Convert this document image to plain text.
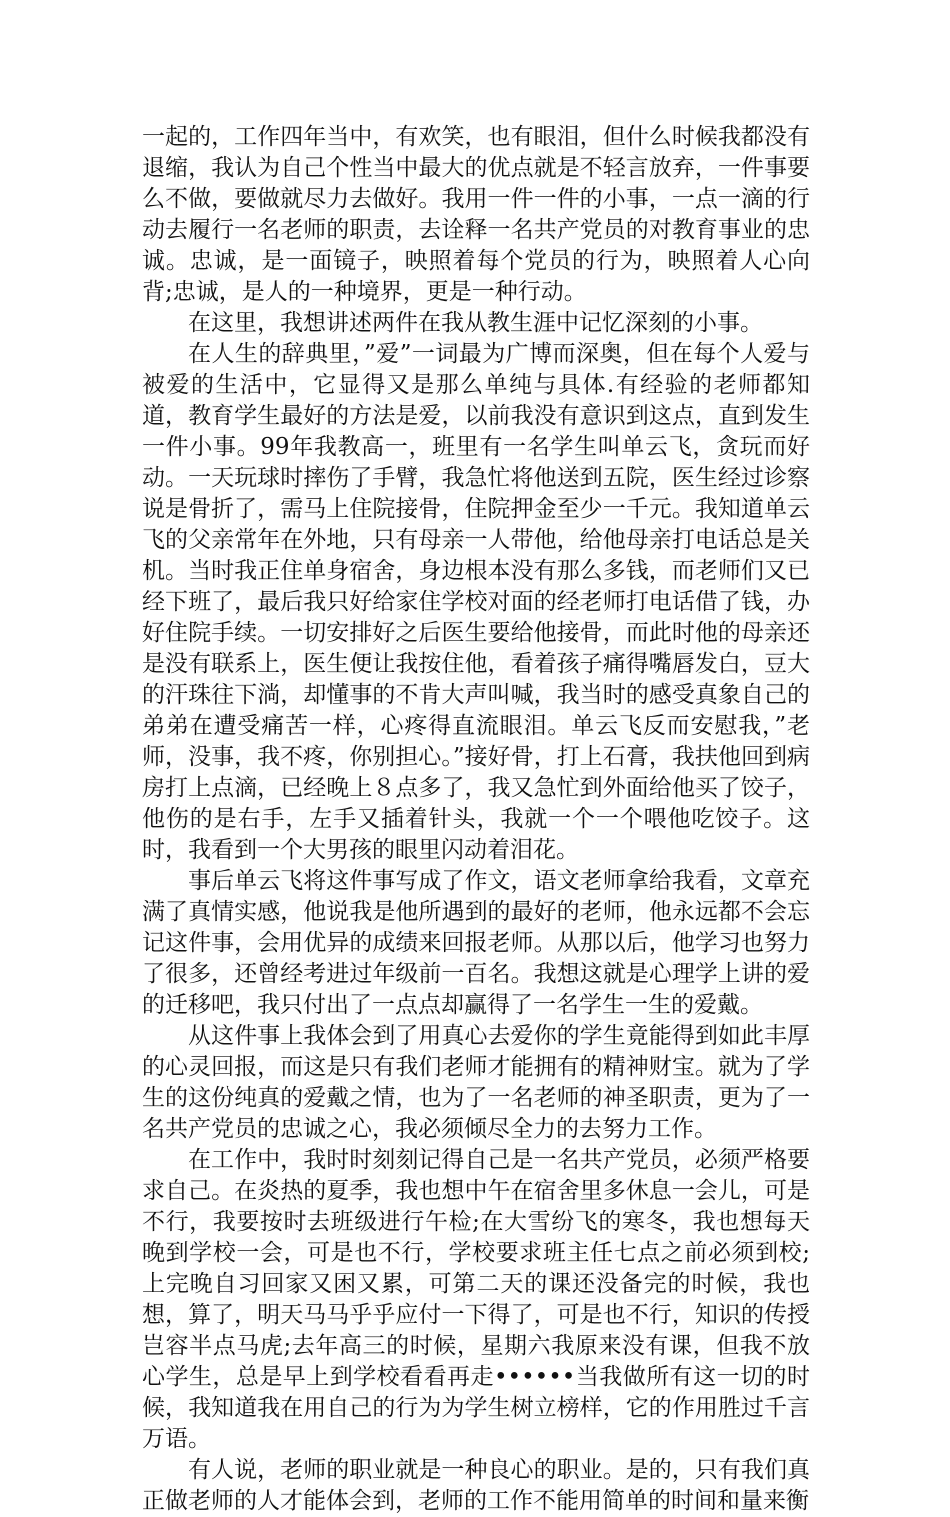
一起的，工作四年当中，有欢笑，也有眼泪，但什么时候我都没有退缩，我认为自己个性当中最大的优点就是不轻言放弃，一件事要么不做，要做就尽力去做好。我用一件一件的小事，一点一滴的行动去履行一名老师的职责，去诠释一名共产党员的对教育事业的忠诚。忠诚，是一面镜子，映照着每个党员的行为，映照着人心向背;忠诚，是人的一种境界，更是一种行动。

在这里，我想讲述两件在我从教生涯中记忆深刻的小事。

在人生的辞典里，”爱”一词最为广博而深奥，但在每个人爱与被爱的生活中，它显得又是那么单纯与具体.有经验的老师都知道，教育学生最好的方法是爱，以前我没有意识到这点，直到发生一件小事。99年我教高一，班里有一名学生叫单云飞，贪玩而好动。一天玩球时摔伤了手臂，我急忙将他送到五院，医生经过诊察说是骨折了，需马上住院接骨，住院押金至少一千元。我知道单云飞的父亲常年在外地，只有母亲一人带他，给他母亲打电话总是关机。当时我正住单身宿舍，身边根本没有那么多钱，而老师们又已经下班了，最后我只好给家住学校对面的经老师打电话借了钱，办好住院手续。一切安排好之后医生要给他接骨，而此时他的母亲还是没有联系上，医生便让我按住他，看着孩子痛得嘴唇发白，豆大的汗珠往下淌，却懂事的不肯大声叫喊，我当时的感受真象自己的弟弟在遭受痛苦一样，心疼得直流眼泪。单云飞反而安慰我，”老师，没事，我不疼，你别担心。”接好骨，打上石膏，我扶他回到病房打上点滴，已经晚上８点多了，我又急忙到外面给他买了饺子，他伤的是右手，左手又插着针头，我就一个一个喂他吃饺子。这时，我看到一个大男孩的眼里闪动着泪花。

事后单云飞将这件事写成了作文，语文老师拿给我看，文章充满了真情实感，他说我是他所遇到的最好的老师，他永远都不会忘记这件事，会用优异的成绩来回报老师。从那以后，他学习也努力了很多，还曾经考进过年级前一百名。我想这就是心理学上讲的爱的迁移吧，我只付出了一点点却赢得了一名学生一生的爱戴。

从这件事上我体会到了用真心去爱你的学生竟能得到如此丰厚的心灵回报，而这是只有我们老师才能拥有的精神财宝。就为了学生的这份纯真的爱戴之情，也为了一名老师的神圣职责，更为了一名共产党员的忠诚之心，我必须倾尽全力的去努力工作。

在工作中，我时时刻刻记得自己是一名共产党员，必须严格要求自己。在炎热的夏季，我也想中午在宿舍里多休息一会儿，可是不行，我要按时去班级进行午检;在大雪纷飞的寒冬，我也想每天晚到学校一会，可是也不行，学校要求班主任七点之前必须到校;上完晚自习回家又困又累，可第二天的课还没备完的时候，我也想，算了，明天马马乎乎应付一下得了，可是也不行，知识的传授岂容半点马虎;去年高三的时候，星期六我原来没有课，但我不放心学生，总是早上到学校看看再走••••••当我做所有这一切的时候，我知道我在用自己的行为为学生树立榜样，它的作用胜过千言万语。

有人说，老师的职业就是一种良心的职业。是的，只有我们真正做老师的人才能体会到，老师的工作不能用简单的时间和量来衡
